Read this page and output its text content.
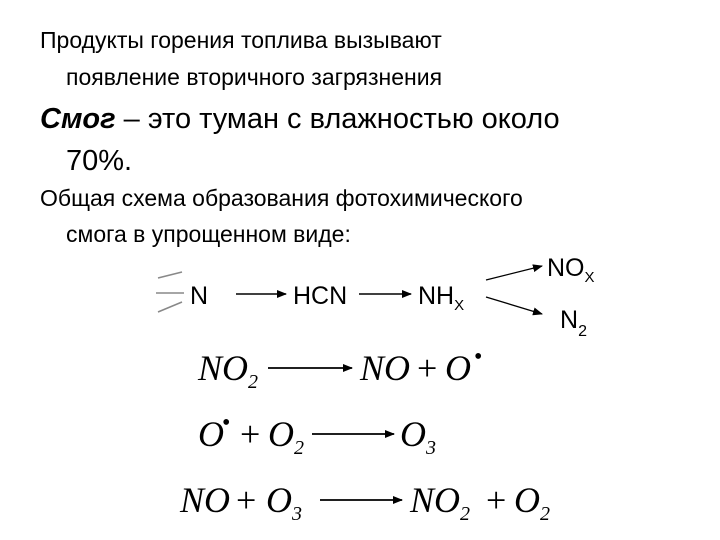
Продукты горения топлива вызывают
появление вторичного загрязнения

Смог – это туман с влажностью около
70%.

Общая схема образования фотохимического
смога в упрощенном виде:

N	HCN	$NH_X$
$NO_X$
$N_2$
$NO_2$	NO + O •
O
• + $O_2$	$O_3$
NO + $O_3$	$NO_2 + O_2$
